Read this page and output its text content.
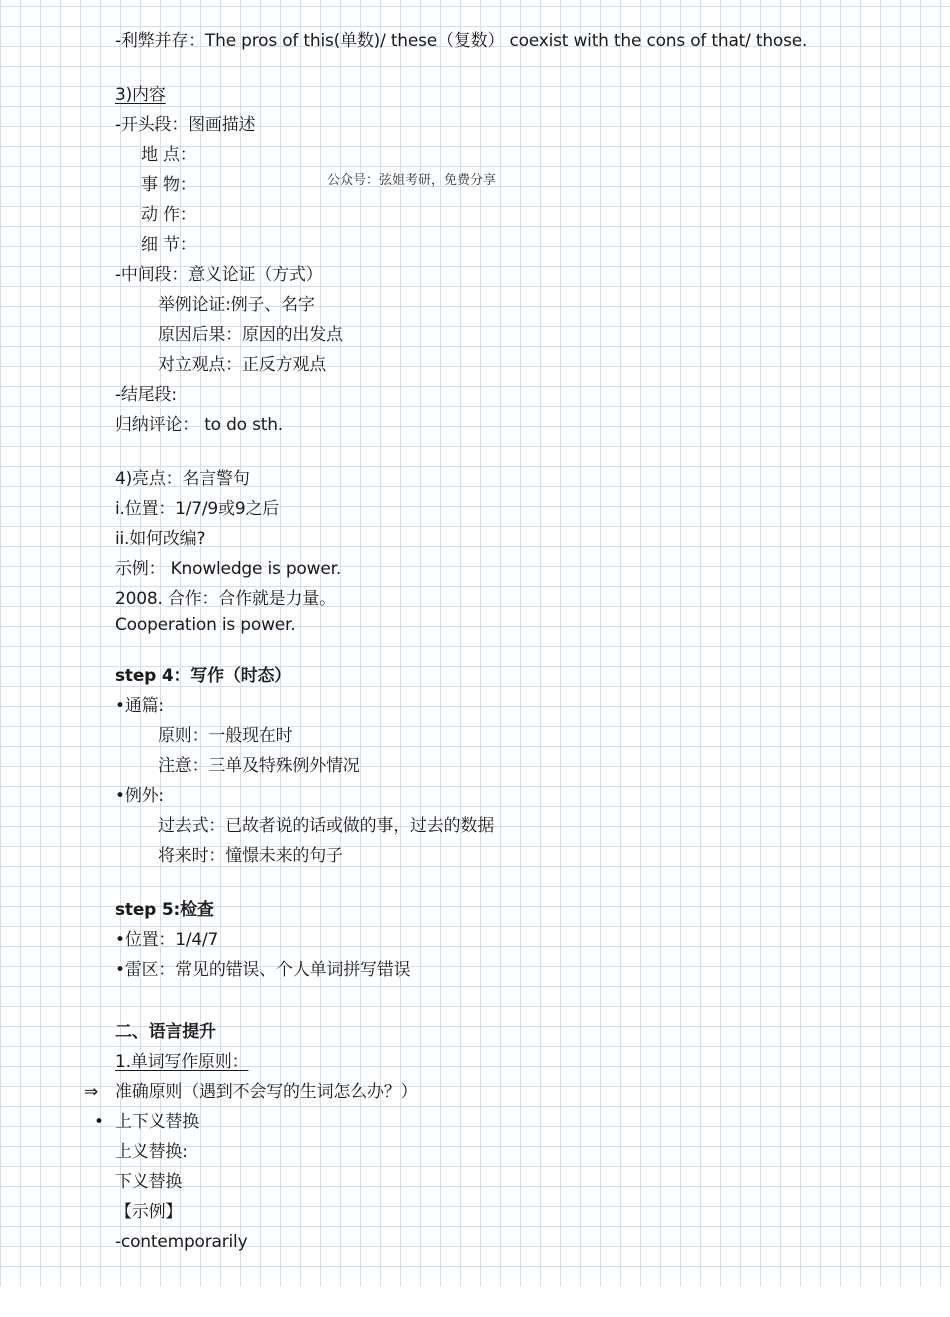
-利弊并存：The pros of this(单数)/ these（复数） coexist with the cons of that/ those.
3)内容
-开头段：图画描述
地 点：
事 物：	公众号：弦姐考研，免费分享
动 作：
细 节：
-中间段：意义论证（方式）
举例论证:例子、名字
原因后果：原因的出发点
对立观点：正反方观点
-结尾段:
归纳评论： to do sth.
4)亮点：名言警句
i.位置：1/7/9或9之后
ii.如何改编?
示例： Knowledge is power.
2008. 合作：合作就是力量。
Cooperation is power.
step 4：写作（时态）
•通篇:
原则：一般现在时
注意：三单及特殊例外情况
•例外:
过去式：已故者说的话或做的事，过去的数据
将来时：憧憬未来的句子
step 5:检查
•位置：1/4/7
•雷区：常见的错误、个人单词拼写错误
二、语言提升
1.单词写作原则：
⇒ 准确原则（遇到不会写的生词怎么办？）
• 上下义替换
上义替换:
下义替换
【示例】
-contemporarily
